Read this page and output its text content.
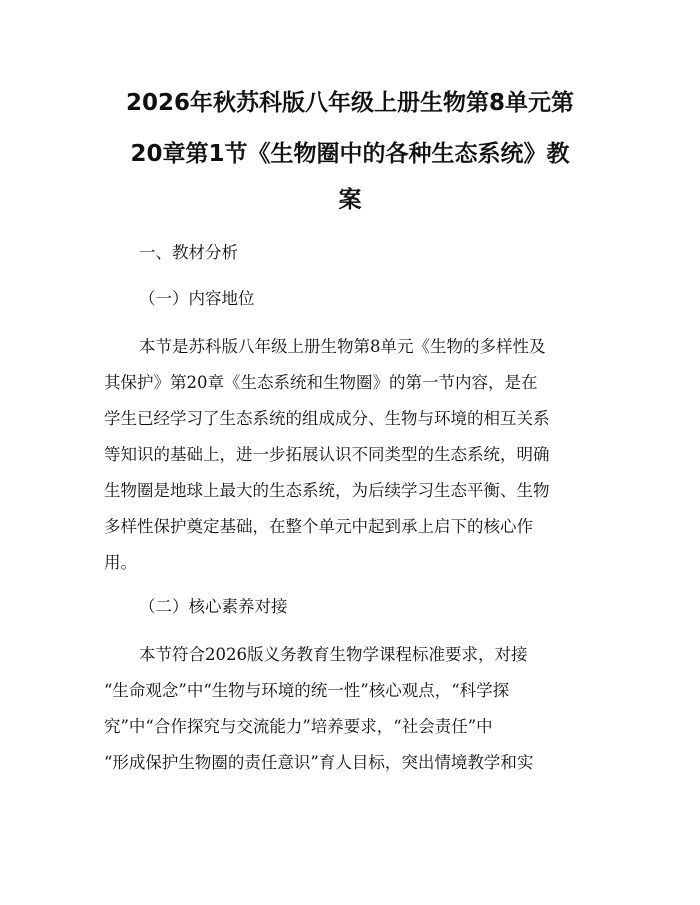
2026年秋苏科版八年级上册生物第8单元第
20章第1节《生物圈中的各种生态系统》教
案

一、教材分析

（一）内容地位

本节是苏科版八年级上册生物第8单元《生物的多样性及
其保护》第20章《生态系统和生物圈》的第一节内容，是在
学生已经学习了生态系统的组成成分、生物与环境的相互关系
等知识的基础上，进一步拓展认识不同类型的生态系统，明确
生物圈是地球上最大的生态系统，为后续学习生态平衡、生物
多样性保护奠定基础，在整个单元中起到承上启下的核心作
用。

（二）核心素养对接

本节符合2026版义务教育生物学课程标准要求，对接
“生命观念”中“生物与环境的统一性”核心观点，“科学探
究”中“合作探究与交流能力”培养要求，“社会责任”中
“形成保护生物圈的责任意识”育人目标，突出情境教学和实
